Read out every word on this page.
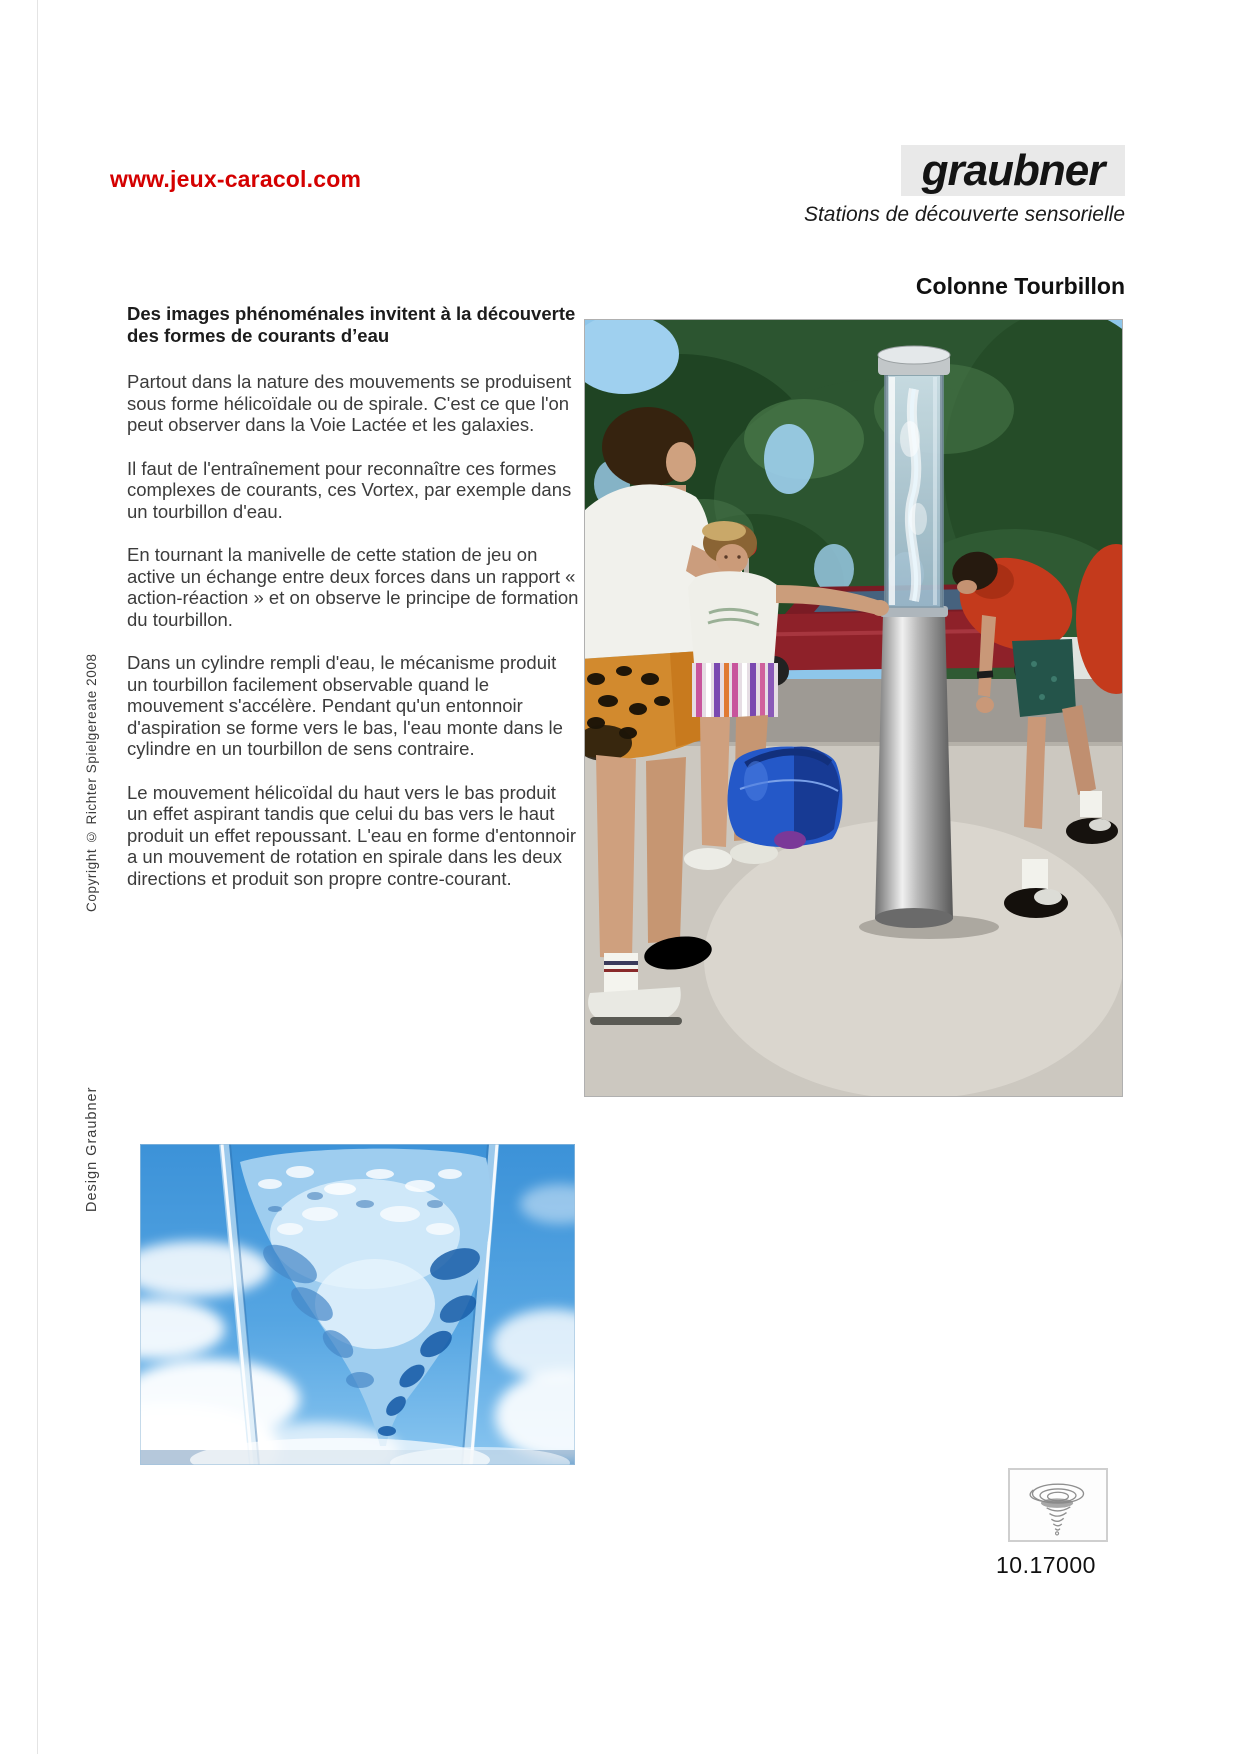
www.jeux-caracol.com	graubner
Stations de découverte sensorielle
Colonne Tourbillon
Des images phénoménales invitent à la découverte des formes de courants d’eau

Partout dans la nature des mouvements se produisent sous forme hélicoïdale ou de spirale. C'est ce que l'on peut observer dans la Voie Lactée et les galaxies.

Il faut de l'entraînement pour reconnaître ces formes complexes de courants, ces Vortex, par exemple dans un tourbillon d'eau.

En tournant la manivelle de cette station de jeu on active un échange entre deux forces dans un rapport « action-réaction » et on observe le principe de formation du tourbillon.

Dans un cylindre rempli d'eau, le mécanisme produit un tourbillon facilement observable quand le mouvement s'accélère. Pendant qu'un entonnoir d'aspiration se forme vers le bas, l'eau monte dans le cylindre en un tourbillon de sens contraire.

Le mouvement hélicoïdal du haut vers le bas produit un effet aspirant tandis que celui du bas vers le haut produit un effet repoussant. L'eau en forme d'entonnoir a un mouvement de rotation en spirale dans les deux directions et produit son propre contre-courant.

Copyright © Richter Spielgereate 2008
Design Graubner
10.17000
